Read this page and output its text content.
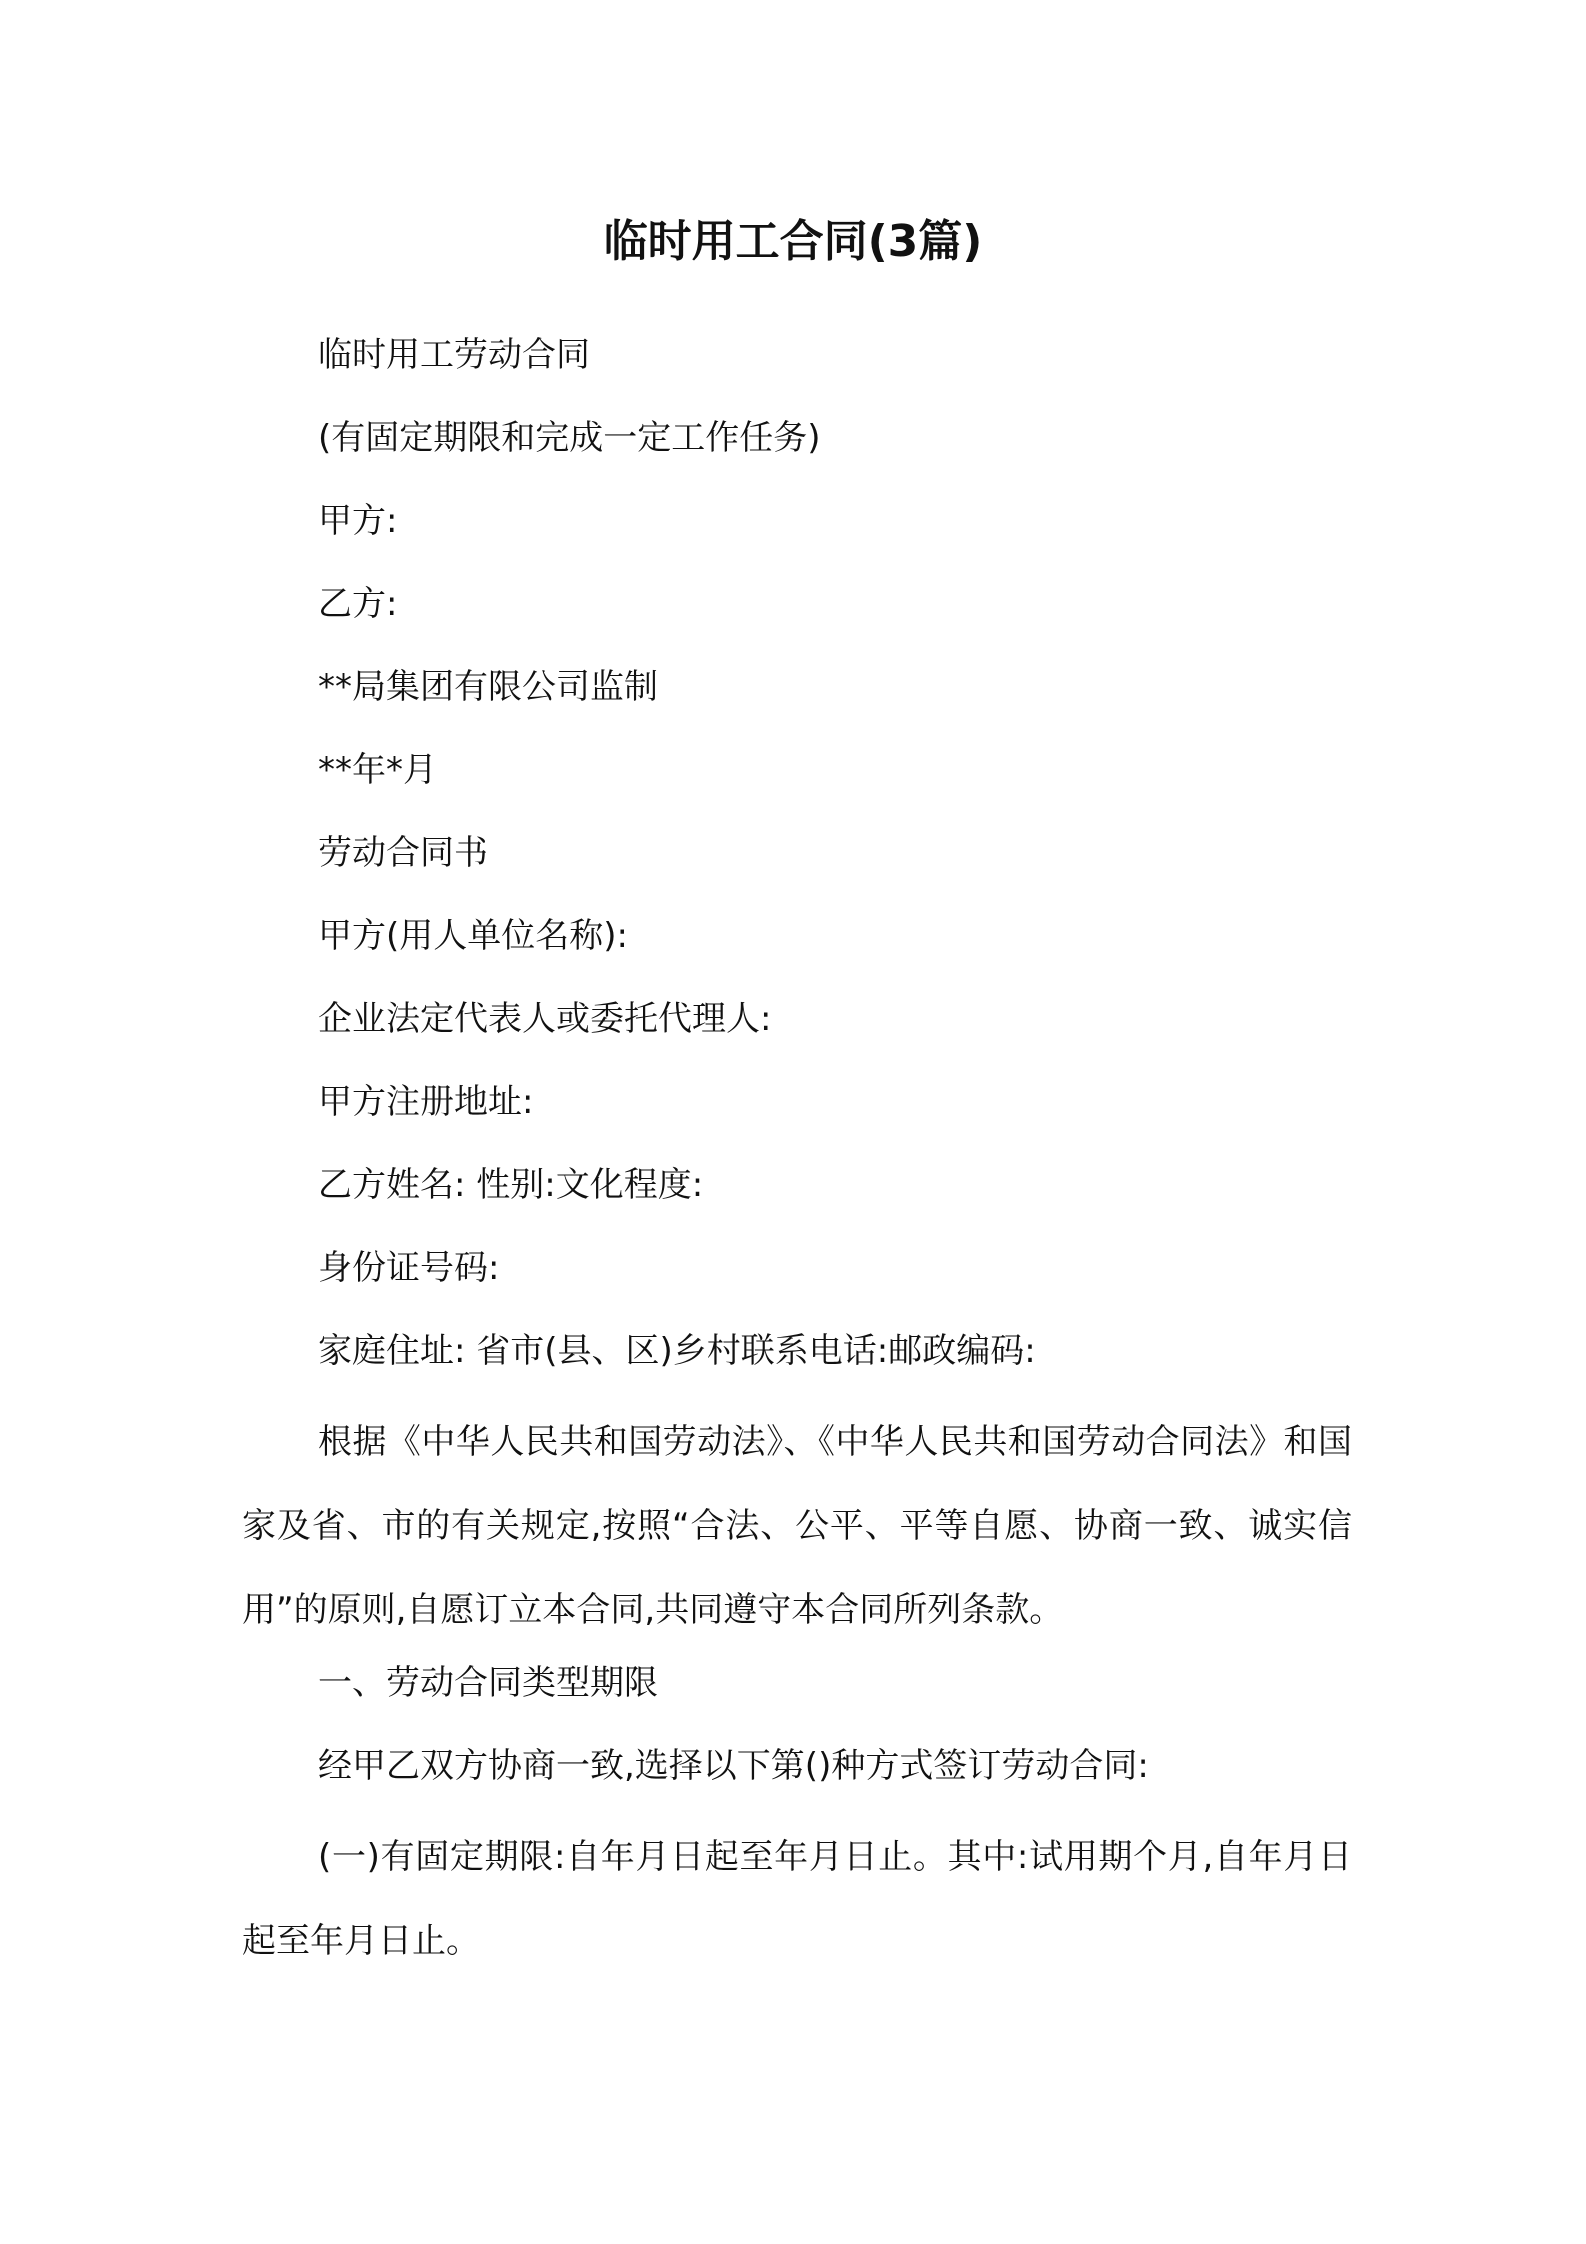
临时用工合同(3篇)
临时用工劳动合同
(有固定期限和完成一定工作任务)
甲方:
乙方:
**局集团有限公司监制
**年*月
劳动合同书
甲方(用人单位名称):
企业法定代表人或委托代理人:
甲方注册地址:
乙方姓名: 性别:文化程度:
身份证号码:
家庭住址: 省市(县、区)乡村联系电话:邮政编码:
根据《中华人民共和国劳动法》、《中华人民共和国劳动合同法》和国家及省、市的有关规定,按照“合法、公平、平等自愿、协商一致、诚实信用”的原则,自愿订立本合同,共同遵守本合同所列条款。
一、劳动合同类型期限
经甲乙双方协商一致,选择以下第()种方式签订劳动合同:
(一)有固定期限:自年月日起至年月日止。其中:试用期个月,自年月日起至年月日止。
